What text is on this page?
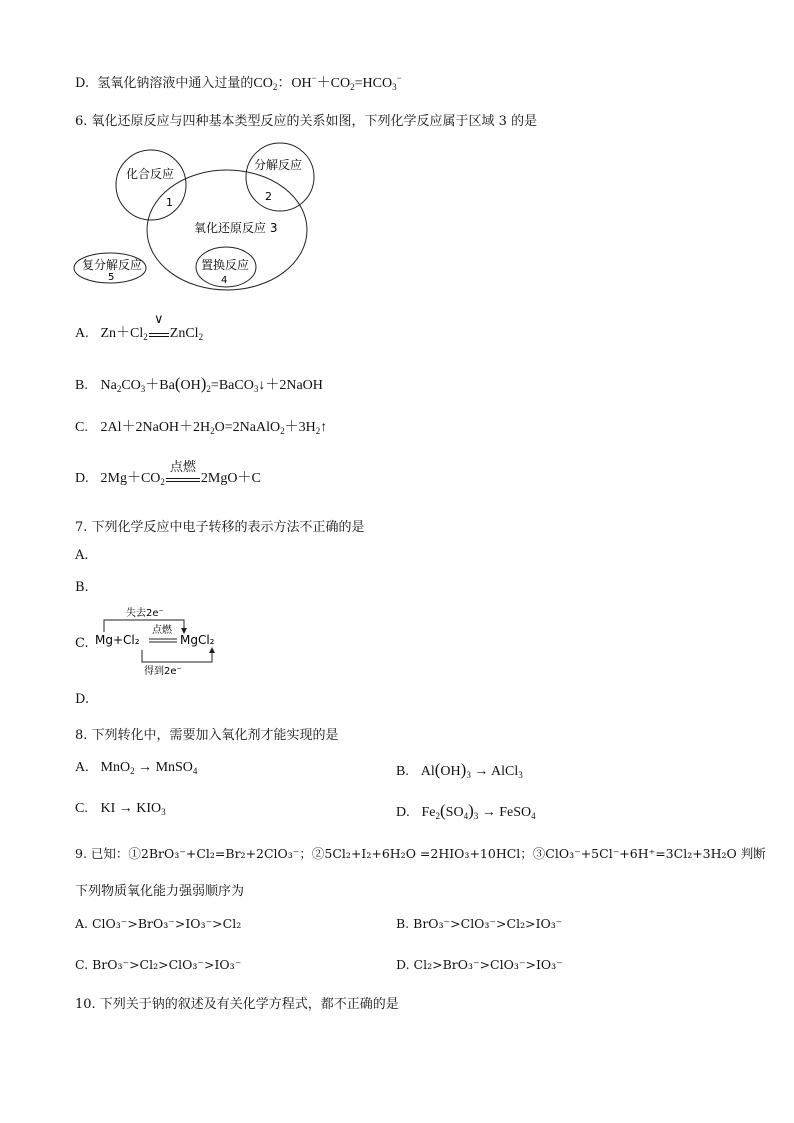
D.  氢氧化钠溶液中通入过量的$CO_2$：$OH^-+CO_2=HCO_3^-$
6. 氧化还原反应与四种基本类型反应的关系如图，下列化学反应属于区域 3 的是
化合反应
1
分解反应
2
氧化还原反应 3
复分解反应
5
置换反应
4
A. $Zn+Cl_2$
∨
ZnCl$_2$
B. $Na_2CO_3+Ba(OH)_2=BaCO_3↓+2NaOH$
C. $2Al+2NaOH+2H_2O=2NaAlO_2+3H_2↑$
D. $2Mg+CO_2$
点燃
2MgO＋C
7. 下列化学反应中电子转移的表示方法不正确的是
A.
B.
C.
失去2e⁻
Mg+Cl₂
点燃
MgCl₂
得到2e⁻
D.
8. 下列转化中，需要加入氧化剂才能实现的是
A. MnO$_2$ → MnSO$_4$	B. $Al(OH)_3$ → AlCl$_3$
C. KI → $KIO_3$	D. $Fe_2(SO_4)_3$ → FeSO$_4$
9. 已知：①2BrO₃⁻+Cl₂=Br₂+2ClO₃⁻；②5Cl₂+I₂+6H₂O =2HIO₃+10HCl；③ClO₃⁻+5Cl⁻+6H⁺=3Cl₂+3H₂O 判断
下列物质氧化能力强弱顺序为
A. ClO₃⁻>BrO₃⁻>IO₃⁻>Cl₂	B. BrO₃⁻>ClO₃⁻>Cl₂>IO₃⁻
C. BrO₃⁻>Cl₂>ClO₃⁻>IO₃⁻	D. Cl₂>BrO₃⁻>ClO₃⁻>IO₃⁻
10. 下列关于钠的叙述及有关化学方程式，都不正确的是
